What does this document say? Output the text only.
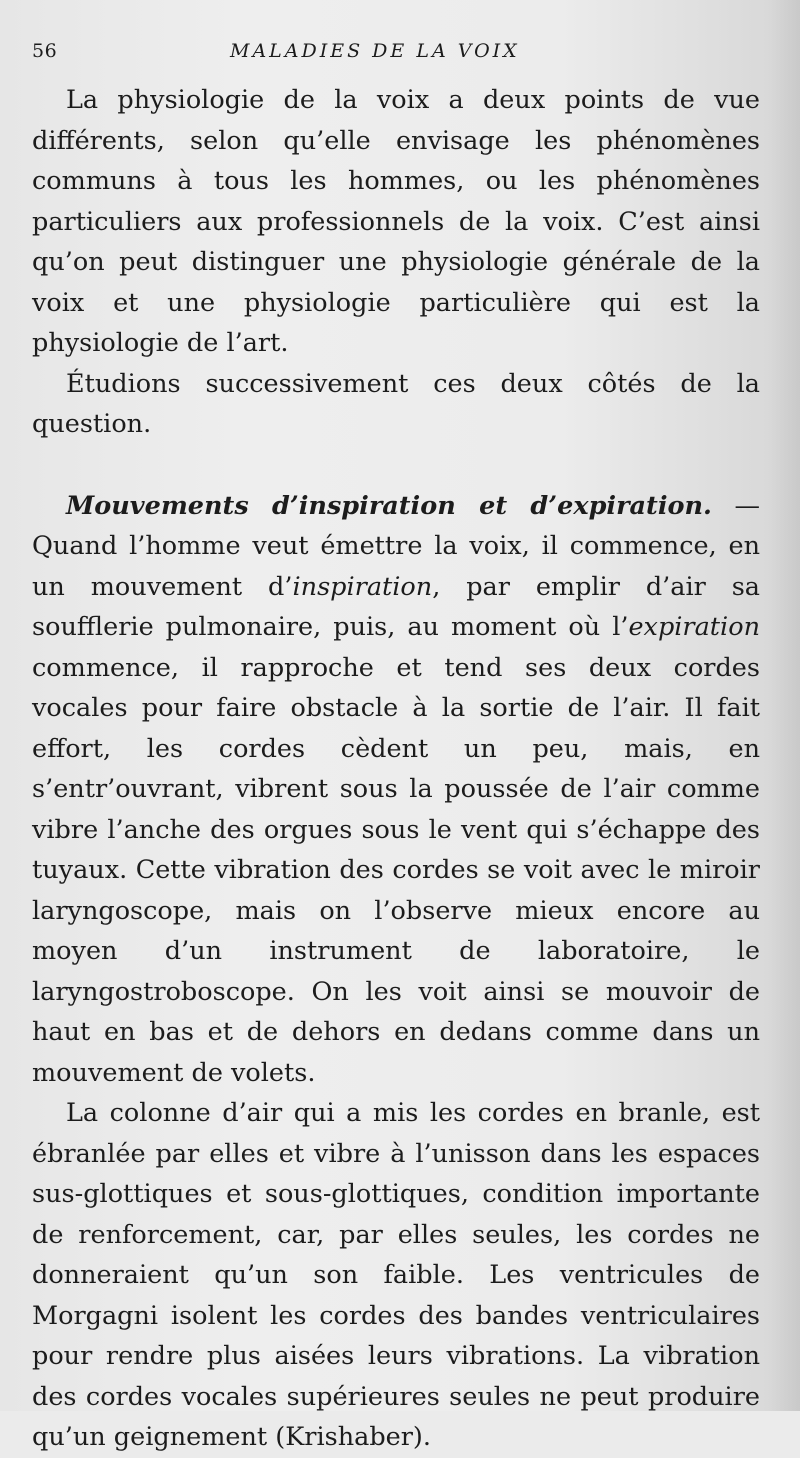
56	MALADIES DE LA VOIX

La physiologie de la voix a deux points de vue différents, selon qu’elle envisage les phénomènes communs à tous les hommes, ou les phénomènes particuliers aux professionnels de la voix. C’est ainsi qu’on peut distinguer une physiologie générale de la voix et une physiologie particulière qui est la physiologie de l’art.

Étudions successivement ces deux côtés de la question.

Mouvements d’inspiration et d’expiration. — Quand l’homme veut émettre la voix, il commence, en un mouvement d’inspiration, par emplir d’air sa soufflerie pulmonaire, puis, au moment où l’expiration commence, il rapproche et tend ses deux cordes vocales pour faire obstacle à la sortie de l’air. Il fait effort, les cordes cèdent un peu, mais, en s’entr’ouvrant, vibrent sous la poussée de l’air comme vibre l’anche des orgues sous le vent qui s’échappe des tuyaux. Cette vibration des cordes se voit avec le miroir laryngoscope, mais on l’observe mieux encore au moyen d’un instrument de laboratoire, le laryngostroboscope. On les voit ainsi se mouvoir de haut en bas et de dehors en dedans comme dans un mouvement de volets.

La colonne d’air qui a mis les cordes en branle, est ébranlée par elles et vibre à l’unisson dans les espaces sus-glottiques et sous-glottiques, condition importante de renforcement, car, par elles seules, les cordes ne donneraient qu’un son faible. Les ventricules de Morgagni isolent les cordes des bandes ventriculaires pour rendre plus aisées leurs vibrations. La vibration des cordes vocales supérieures seules ne peut produire qu’un geignement (Krishaber).
